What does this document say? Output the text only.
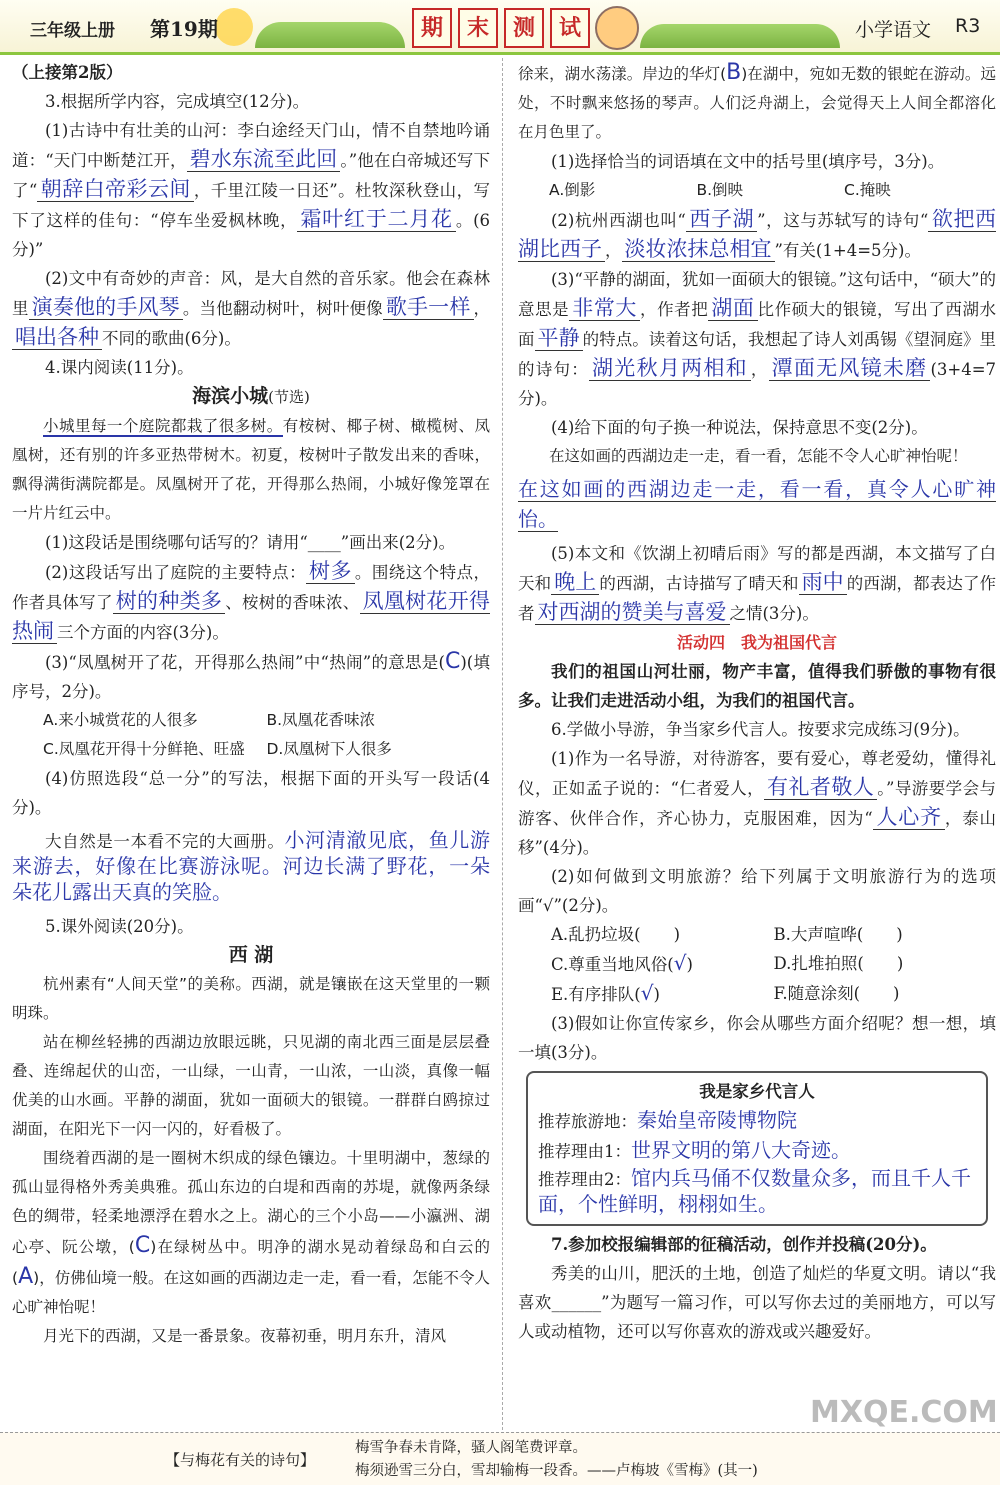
三年级上册 第19期	期	末	测	试	小学语文 R3

（上接第2版）

3.根据所学内容，完成填空(12分)。

(1)古诗中有壮美的山河：李白途经天门山，情不自禁地吟诵道：“天门中断楚江开， 碧水东流至此回 。”他在白帝城还写下了“ 朝辞白帝彩云间 ，千里江陵一日还”。杜牧深秋登山，写下了这样的佳句：“停车坐爱枫林晚， 霜叶红于二月花 。(6分)”

(2)文中有奇妙的声音：风，是大自然的音乐家。他会在森林里 演奏他的手风琴 。当他翻动树叶，树叶便像 歌手一样 ，唱出各种 不同的歌曲(6分)。

4.课内阅读(11分)。

海滨小城(节选)

小城里每一个庭院都栽了很多树。有桉树、椰子树、橄榄树、凤凰树，还有别的许多亚热带树木。初夏，桉树叶子散发出来的香味，飘得满街满院都是。凤凰树开了花，开得那么热闹，小城好像笼罩在一片片红云中。

(1)这段话是围绕哪句话写的？请用“____”画出来(2分)。

(2)这段话写出了庭院的主要特点： 树多 。围绕这个特点，作者具体写了 树的种类多 、桉树的香味浓、 凤凰树花开得热闹 三个方面的内容(3分)。

(3)“凤凰树开了花，开得那么热闹”中“热闹”的意思是(C)(填序号，2分)。

A.来小城赏花的人很多	B.凤凰花香味浓
C.凤凰花开得十分鲜艳、旺盛	D.凤凰树下人很多

(4)仿照选段“总一分”的写法，根据下面的开头写一段话(4分)。

大自然是一本看不完的大画册。小河清澈见底，鱼儿游来游去，好像在比赛游泳呢。河边长满了野花，一朵朵花儿露出天真的笑脸。

5.课外阅读(20分)。

西 湖

杭州素有“人间天堂”的美称。西湖，就是镶嵌在这天堂里的一颗明珠。

站在柳丝轻拂的西湖边放眼远眺，只见湖的南北西三面是层层叠叠、连绵起伏的山峦，一山绿，一山青，一山浓，一山淡，真像一幅优美的山水画。平静的湖面，犹如一面硕大的银镜。一群群白鸥掠过湖面，在阳光下一闪一闪的，好看极了。

围绕着西湖的是一圈树木织成的绿色镶边。十里明湖中，葱绿的孤山显得格外秀美典雅。孤山东边的白堤和西南的苏堤，就像两条绿色的绸带，轻柔地漂浮在碧水之上。湖心的三个小岛——小瀛洲、湖心亭、阮公墩，(C)在绿树丛中。明净的湖水晃动着绿岛和白云的(A)，仿佛仙境一般。在这如画的西湖边走一走，看一看，怎能不令人心旷神怡呢！

月光下的西湖，又是一番景象。夜幕初垂，明月东升，清风

徐来，湖水荡漾。岸边的华灯(B)在湖中，宛如无数的银蛇在游动。远处，不时飘来悠扬的琴声。人们泛舟湖上，会觉得天上人间全都溶化在月色里了。

(1)选择恰当的词语填在文中的括号里(填序号，3分)。

A.倒影	B.倒映	C.掩映

(2)杭州西湖也叫“ 西子湖 ”，这与苏轼写的诗句“ 欲把西湖比西子 ， 淡妆浓抹总相宜 ”有关(1+4=5分)。

(3)“平静的湖面，犹如一面硕大的银镜。”这句话中，“硕大”的意思是 非常大 ，作者把 湖面 比作硕大的银镜，写出了西湖水面 平静 的特点。读着这句话，我想起了诗人刘禹锡《望洞庭》里的诗句： 湖光秋月两相和 ， 潭面无风镜未磨 (3+4=7分)。

(4)给下面的句子换一种说法，保持意思不变(2分)。

在这如画的西湖边走一走，看一看，怎能不令人心旷神怡呢！

在这如画的西湖边走一走，看一看，真令人心旷神怡。

(5)本文和《饮湖上初晴后雨》写的都是西湖，本文描写了白天和 晚上 的西湖，古诗描写了晴天和 雨中 的西湖，都表达了作者 对西湖的赞美与喜爱 之情(3分)。

活动四　我为祖国代言

我们的祖国山河壮丽，物产丰富，值得我们骄傲的事物有很多。让我们走进活动小组，为我们的祖国代言。

6.学做小导游，争当家乡代言人。按要求完成练习(9分)。

(1)作为一名导游，对待游客，要有爱心，尊老爱幼，懂得礼仪，正如孟子说的：“仁者爱人， 有礼者敬人 。”导游要学会与游客、伙伴合作，齐心协力，克服困难，因为“ 人心齐 ，泰山移”(4分)。

(2)如何做到文明旅游？给下列属于文明旅游行为的选项画“√”(2分)。

A.乱扔垃圾(　　)	B.大声喧哗(　　)
C.尊重当地风俗(√)	D.扎堆拍照(　　)
E.有序排队(√)	F.随意涂刻(　　)

(3)假如让你宣传家乡，你会从哪些方面介绍呢？想一想，填一填(3分)。

我是家乡代言人
推荐旅游地：秦始皇帝陵博物院
推荐理由1：世界文明的第八大奇迹。
推荐理由2：馆内兵马俑不仅数量众多，而且千人千面，个性鲜明，栩栩如生。

7.参加校报编辑部的征稿活动，创作并投稿(20分)。

秀美的山川，肥沃的土地，创造了灿烂的华夏文明。请以“我喜欢______”为题写一篇习作，可以写你去过的美丽地方，可以写人或动植物，还可以写你喜欢的游戏或兴趣爱好。

MXQE.COM
【与梅花有关的诗句】
梅雪争春未肯降，骚人阁笔费评章。
梅须逊雪三分白，雪却输梅一段香。——卢梅坡《雪梅》(其一)
